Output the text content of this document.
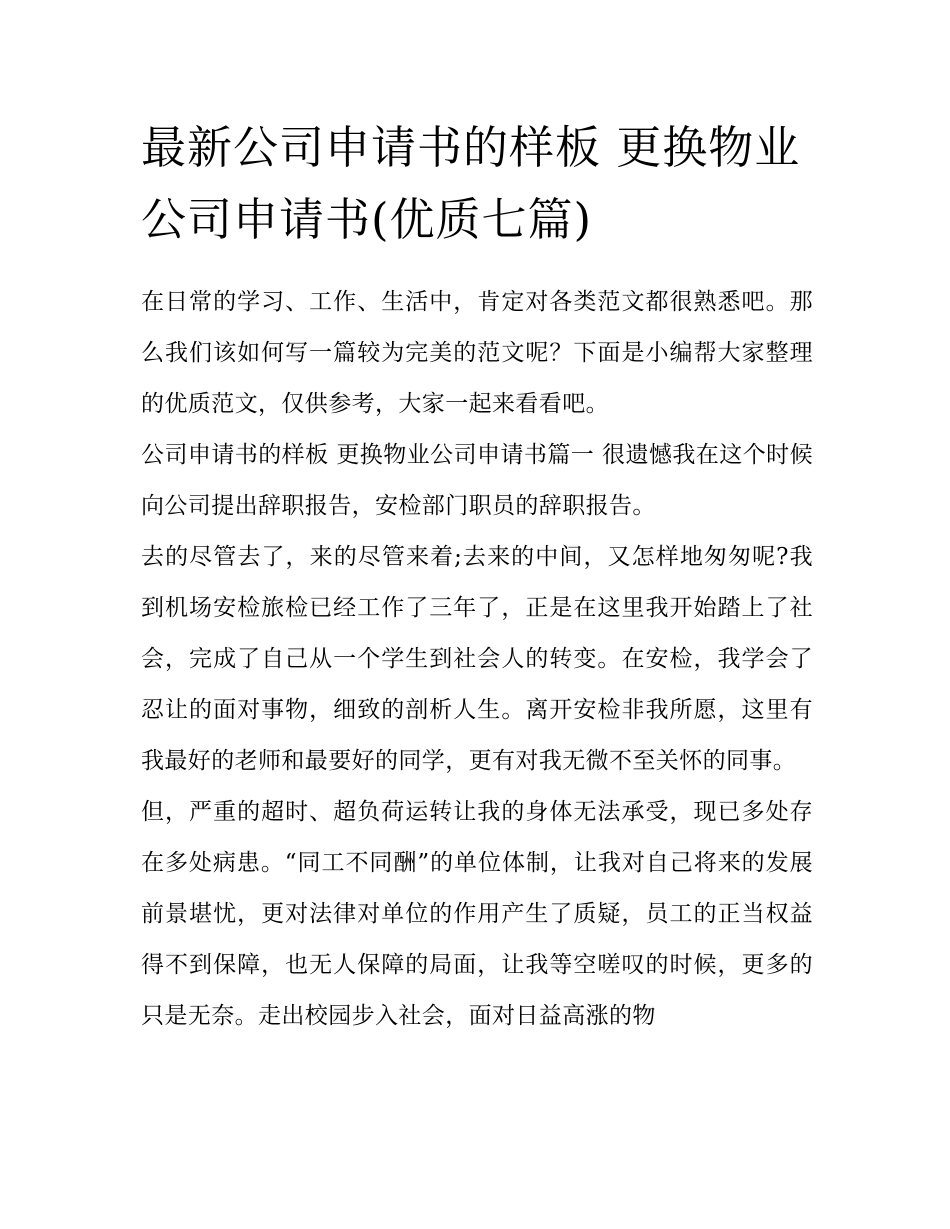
最新公司申请书的样板 更换物业公司申请书(优质七篇)

在日常的学习、工作、生活中，肯定对各类范文都很熟悉吧。那么我们该如何写一篇较为完美的范文呢？下面是小编帮大家整理的优质范文，仅供参考，大家一起来看看吧。

公司申请书的样板 更换物业公司申请书篇一 很遗憾我在这个时候向公司提出辞职报告，安检部门职员的辞职报告。

去的尽管去了，来的尽管来着;去来的中间，又怎样地匆匆呢?我到机场安检旅检已经工作了三年了，正是在这里我开始踏上了社会，完成了自己从一个学生到社会人的转变。在安检，我学会了忍让的面对事物，细致的剖析人生。离开安检非我所愿，这里有我最好的老师和最要好的同学，更有对我无微不至关怀的同事。

但，严重的超时、超负荷运转让我的身体无法承受，现已多处存在多处病患。“同工不同酬”的单位体制，让我对自己将来的发展前景堪忧，更对法律对单位的作用产生了质疑，员工的正当权益得不到保障，也无人保障的局面，让我等空嗟叹的时候，更多的只是无奈。走出校园步入社会，面对日益高涨的物
